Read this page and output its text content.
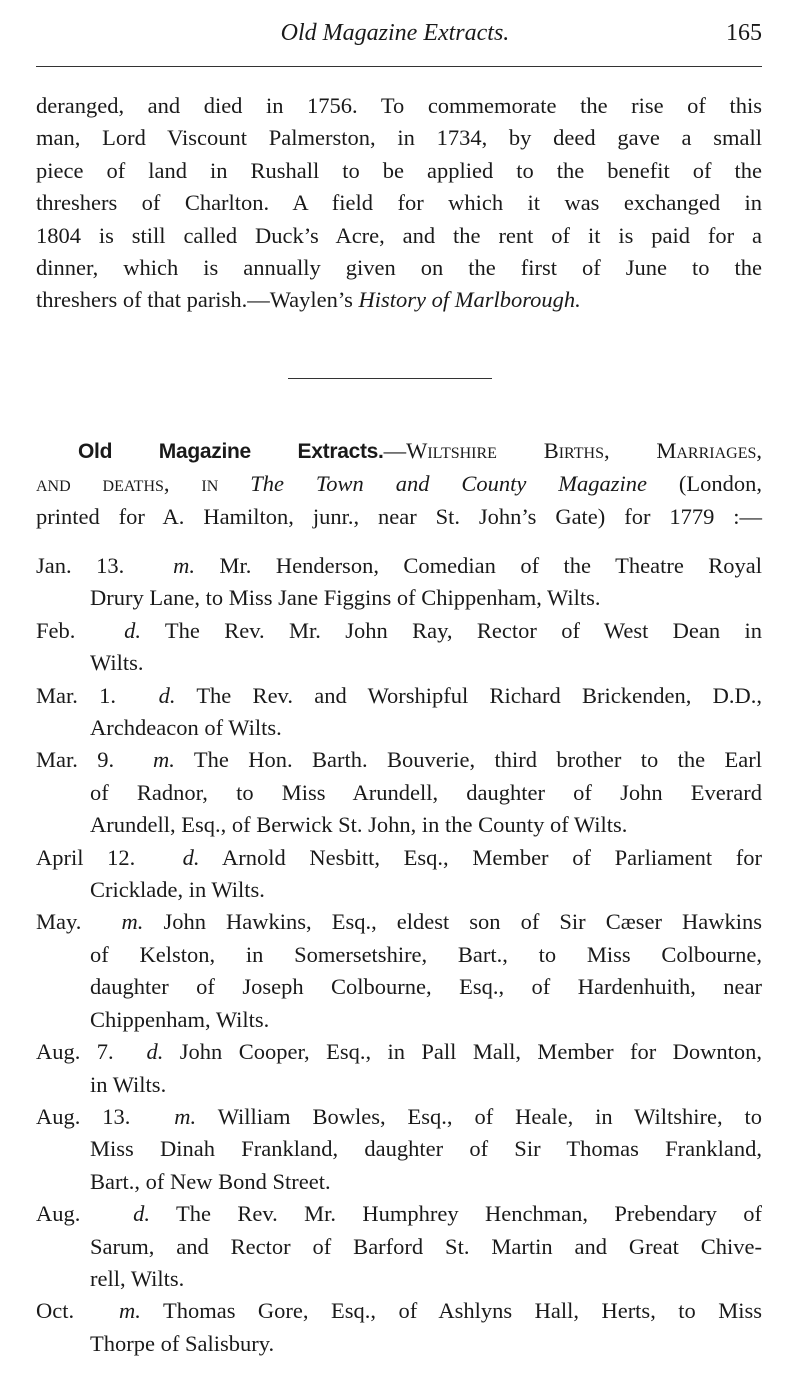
Old Magazine Extracts.	165
deranged, and died in 1756. To commemorate the rise of this
man, Lord Viscount Palmerston, in 1734, by deed gave a small
piece of land in Rushall to be applied to the benefit of the
threshers of Charlton. A field for which it was exchanged in
1804 is still called Duck’s Acre, and the rent of it is paid for a
dinner, which is annually given on the first of June to the
threshers of that parish.—Waylen’s History of Marlborough.
Old Magazine Extracts.—Wiltshire Births, Marriages,
and deaths, in The Town and County Magazine (London,
printed for A. Hamilton, junr., near St. John’s Gate) for 1779 :—
Jan. 13. m. Mr. Henderson, Comedian of the Theatre Royal
Drury Lane, to Miss Jane Figgins of Chippenham, Wilts.
Feb. d. The Rev. Mr. John Ray, Rector of West Dean in
Wilts.
Mar. 1. d. The Rev. and Worshipful Richard Brickenden, D.D.,
Archdeacon of Wilts.
Mar. 9. m. The Hon. Barth. Bouverie, third brother to the Earl
of Radnor, to Miss Arundell, daughter of John Everard
Arundell, Esq., of Berwick St. John, in the County of Wilts.
April 12. d. Arnold Nesbitt, Esq., Member of Parliament for
Cricklade, in Wilts.
May. m. John Hawkins, Esq., eldest son of Sir Cæser Hawkins
of Kelston, in Somersetshire, Bart., to Miss Colbourne,
daughter of Joseph Colbourne, Esq., of Hardenhuith, near
Chippenham, Wilts.
Aug. 7. d. John Cooper, Esq., in Pall Mall, Member for Downton,
in Wilts.
Aug. 13. m. William Bowles, Esq., of Heale, in Wiltshire, to
Miss Dinah Frankland, daughter of Sir Thomas Frankland,
Bart., of New Bond Street.
Aug. d. The Rev. Mr. Humphrey Henchman, Prebendary of
Sarum, and Rector of Barford St. Martin and Great Chive-
rell, Wilts.
Oct. m. Thomas Gore, Esq., of Ashlyns Hall, Herts, to Miss
Thorpe of Salisbury.
